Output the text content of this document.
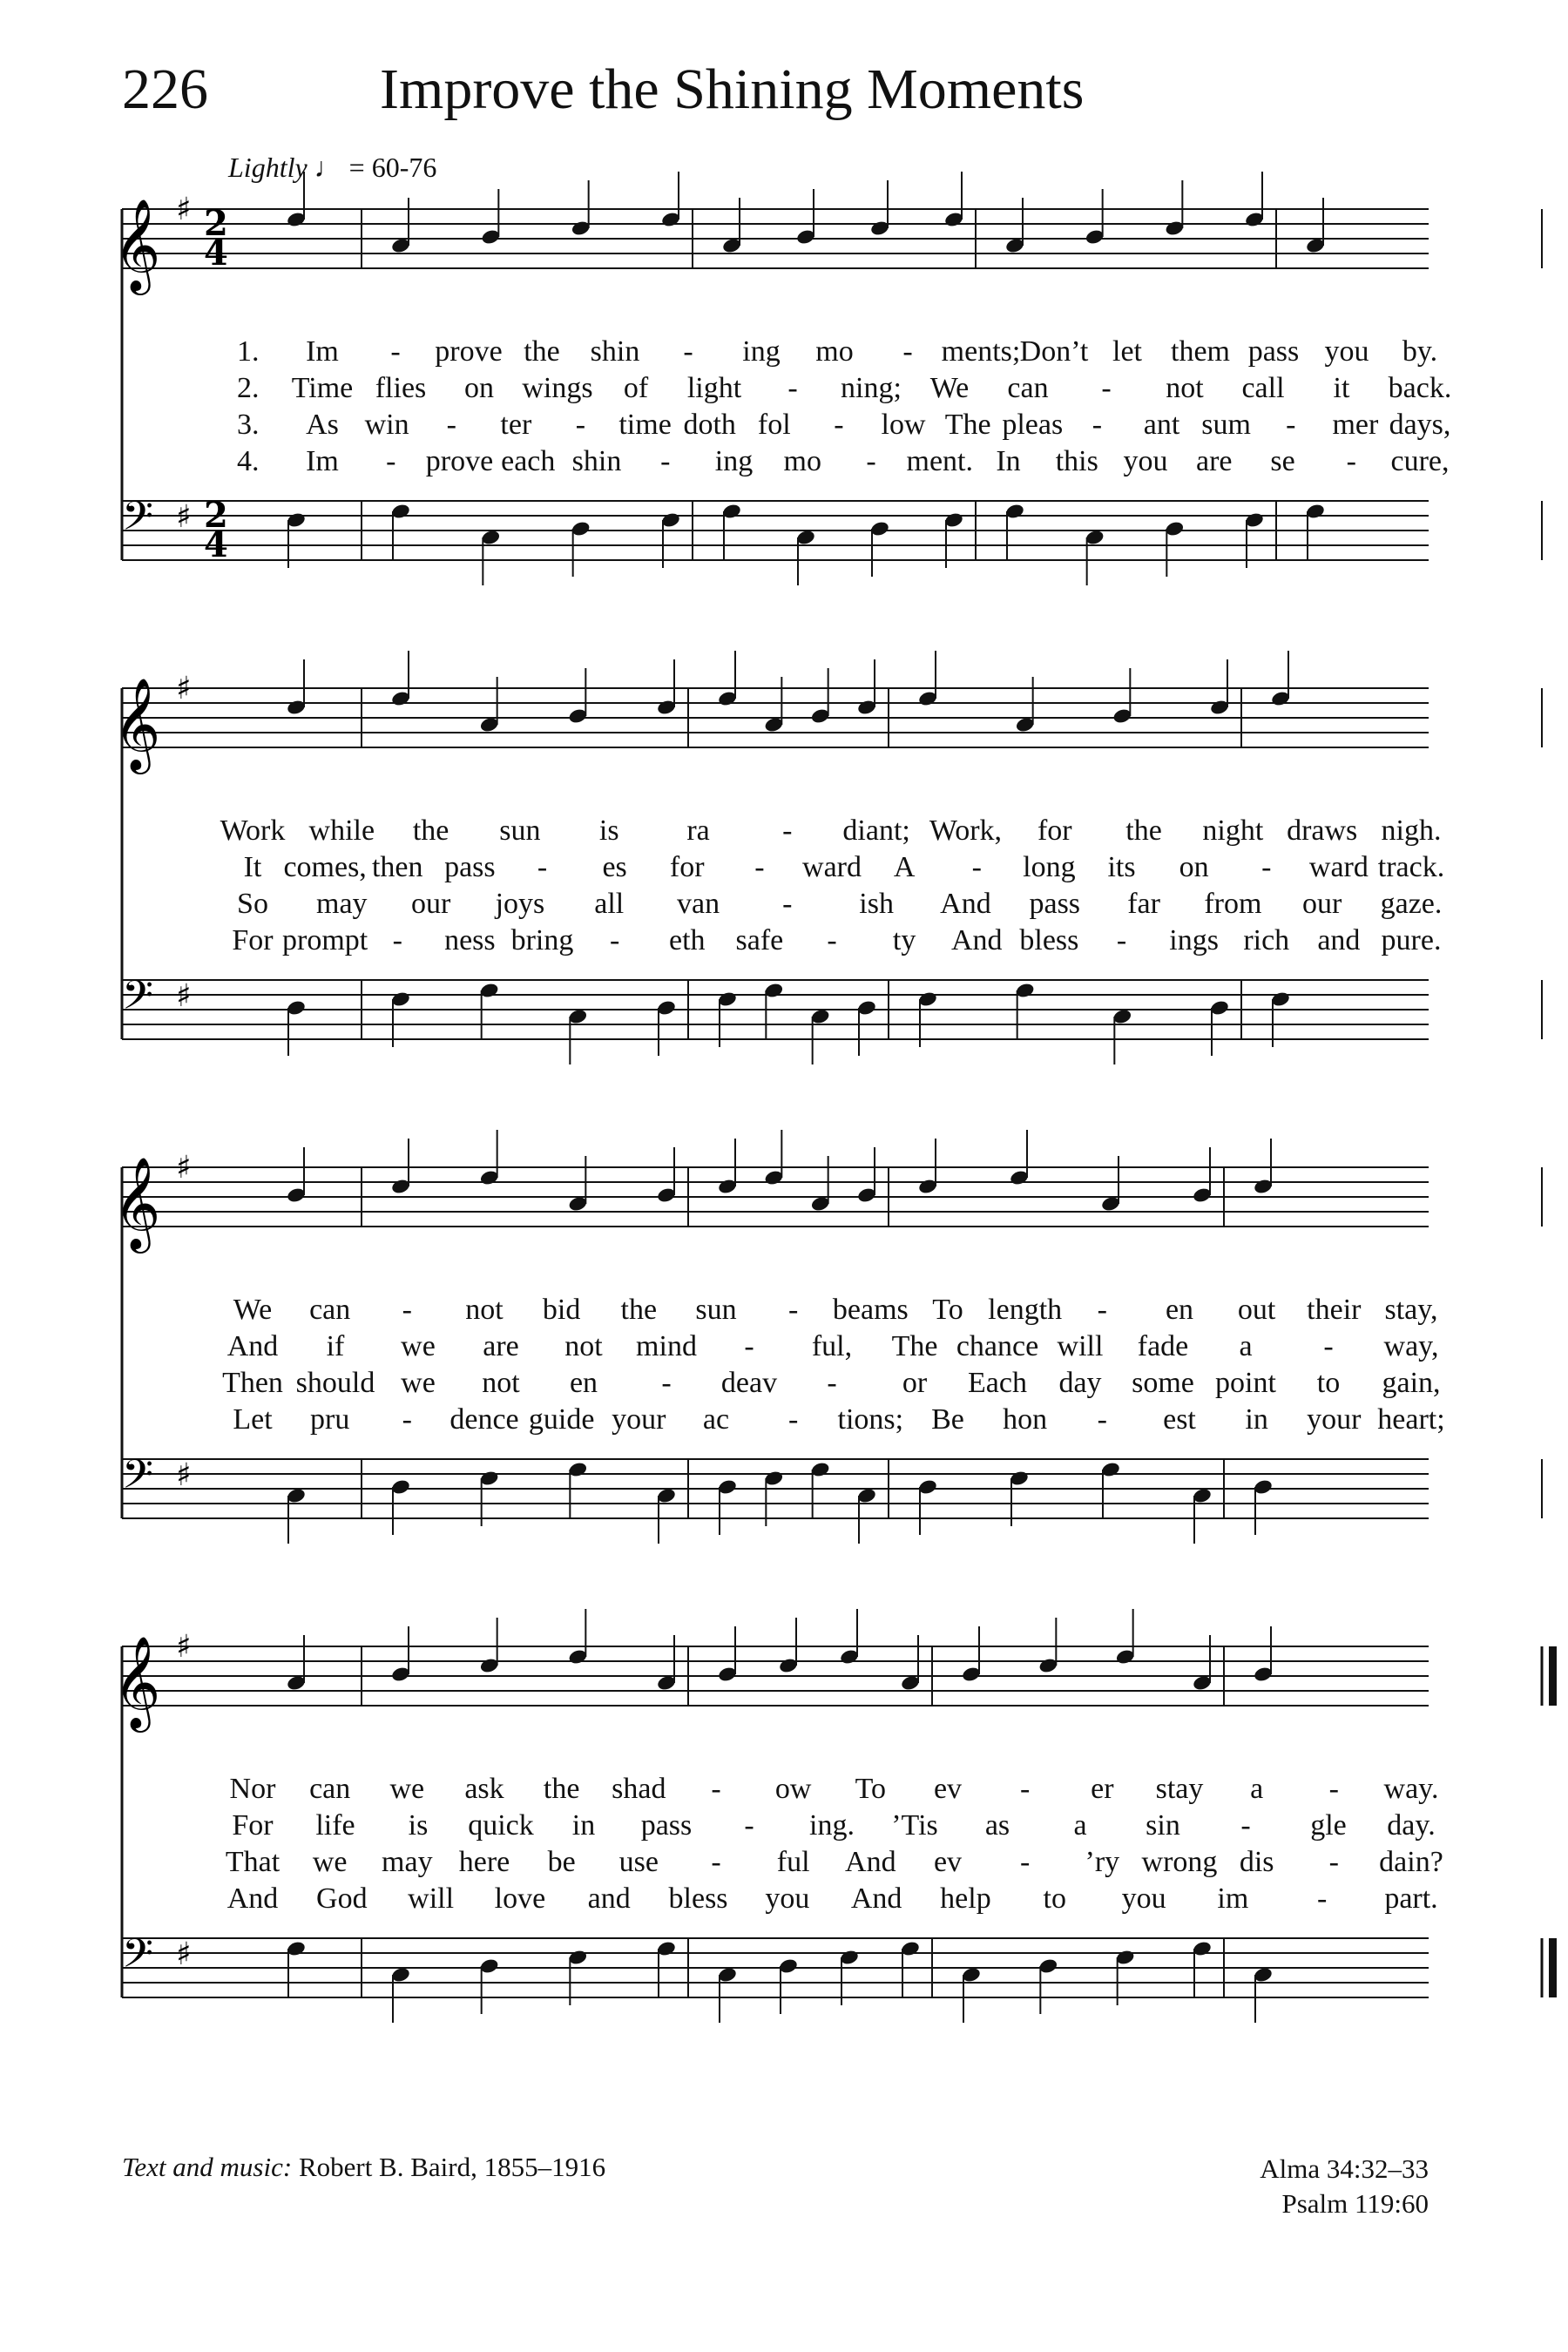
226	Improve the Shining Moments
Lightly ♩ = 60-76
𝄞
𝄢
♯
♯
2
4
2
4
𝄞
𝄢
♯
♯
𝄞
𝄢
♯
♯
𝄞
𝄢
♯
♯
Text and music: Robert B. Baird, 1855–1916	Alma 34:32–33
Psalm 119:60
1. Im - prove the shin - ing mo - ments; Don’t let them pass you by.
Work while the sun is ra - diant; Work, for the night draws nigh.
We can - not bid the sun - beams To length - en out their stay,
Nor can we ask the shad - ow To ev - er stay a - way.
2. Time flies on wings of light - ning; We can - not call it back.
It comes, then pass - es for - ward A - long its on - ward track.
And if we are not mind - ful, The chance will fade a - way,
For life is quick in pass - ing. ’Tis as a sin - gle day.
3. As win - ter - time doth fol - low The pleas - ant sum - mer days,
So may our joys all van - ish And pass far from our gaze.
Then should we not en - deav - or Each day some point to gain,
That we may here be use - ful And ev - ’ry wrong dis - dain?
4. Im - prove each shin - ing mo - ment. In this you are se - cure,
For prompt - ness bring - eth safe - ty And bless - ings rich and pure.
Let pru - dence guide your ac - tions; Be hon - est in your heart;
And God will love and bless you And help to you im - part.
